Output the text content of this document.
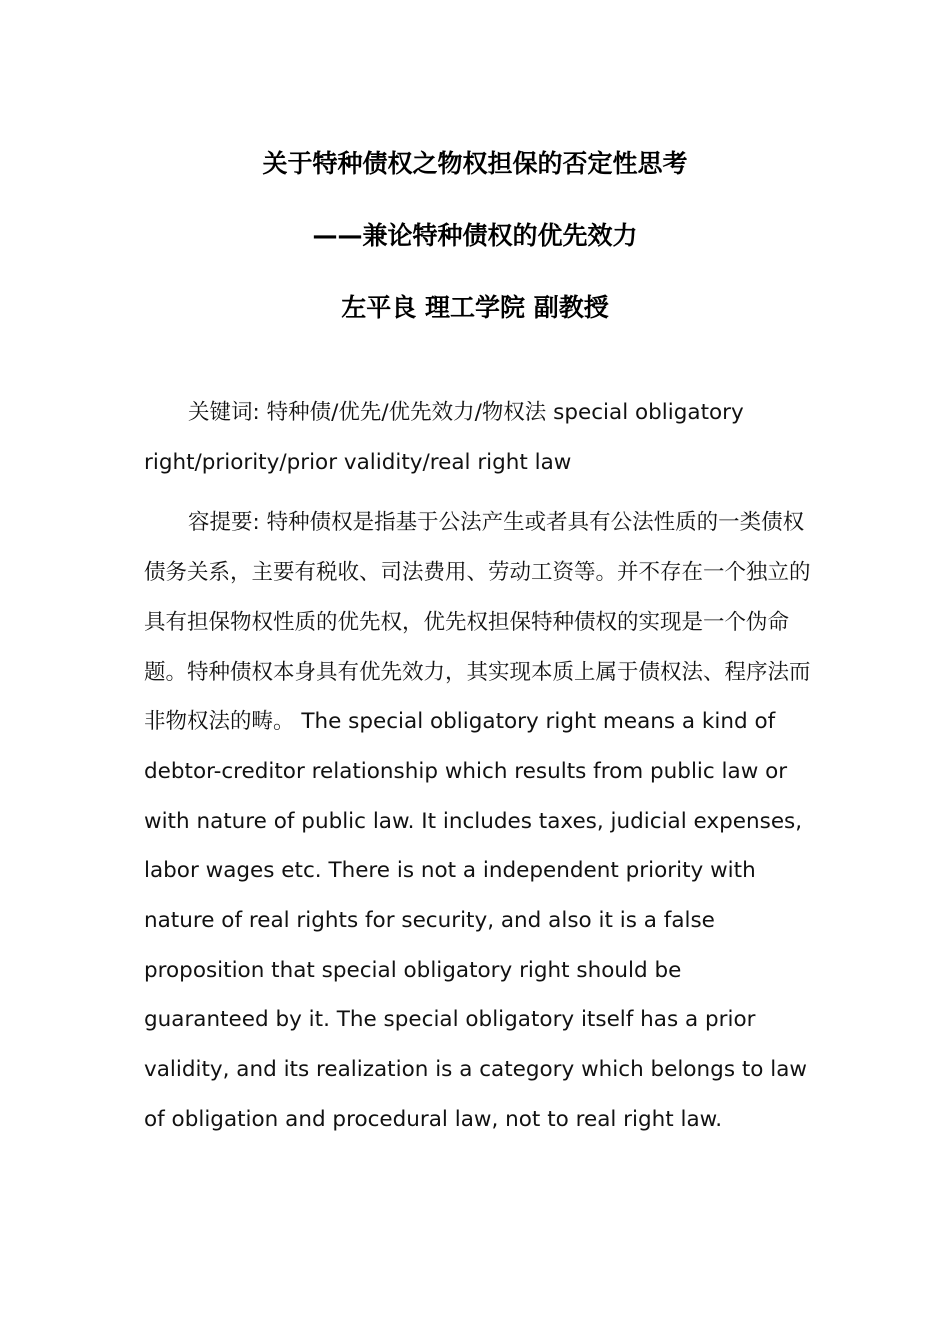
关于特种债权之物权担保的否定性思考
——兼论特种债权的优先效力
左平良 理工学院 副教授

关键词: 特种债/优先/优先效力/物权法 special obligatory right/priority/prior validity/real right law

容提要: 特种债权是指基于公法产生或者具有公法性质的一类债权债务关系，主要有税收、司法费用、劳动工资等。并不存在一个独立的具有担保物权性质的优先权，优先权担保特种债权的实现是一个伪命题。特种债权本身具有优先效力，其实现本质上属于债权法、程序法而非物权法的畴。 The special obligatory right means a kind of debtor-creditor relationship which results from public law or with nature of public law. It includes taxes, judicial expenses, labor wages etc. There is not a independent priority with nature of real rights for security, and also it is a false proposition that special obligatory right should be guaranteed by it. The special obligatory itself has a prior validity, and its realization is a category which belongs to law of obligation and procedural law, not to real right law.
